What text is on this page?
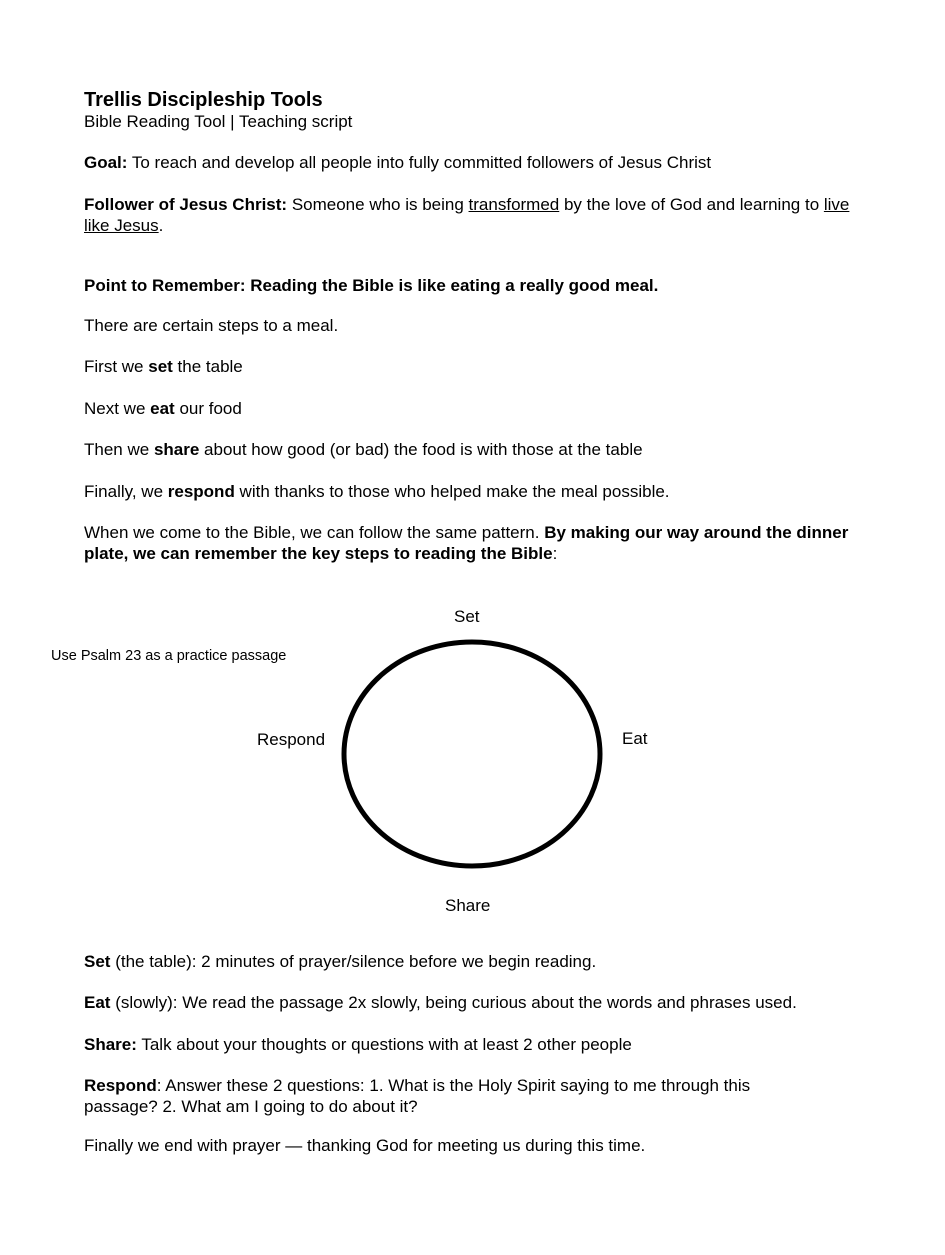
Trellis Discipleship Tools
Bible Reading Tool | Teaching script
Goal: To reach and develop all people into fully committed followers of Jesus Christ
Follower of Jesus Christ: Someone who is being transformed by the love of God and learning to live like Jesus.
Point to Remember: Reading the Bible is like eating a really good meal.
There are certain steps to a meal.
First we set the table
Next we eat our food
Then we share about how good (or bad) the food is with those at the table
Finally, we respond with thanks to those who helped make the meal possible.
When we come to the Bible, we can follow the same pattern. By making our way around the dinner plate, we can remember the key steps to reading the Bible:
Use Psalm 23 as a practice passage
Set
Eat
Share
Respond
Set (the table): 2 minutes of prayer/silence before we begin reading.
Eat (slowly): We read the passage 2x slowly, being curious about the words and phrases used.
Share: Talk about your thoughts or questions with at least 2 other people
Respond: Answer these 2 questions: 1. What is the Holy Spirit saying to me through this passage? 2. What am I going to do about it?
Finally we end with prayer — thanking God for meeting us during this time.
